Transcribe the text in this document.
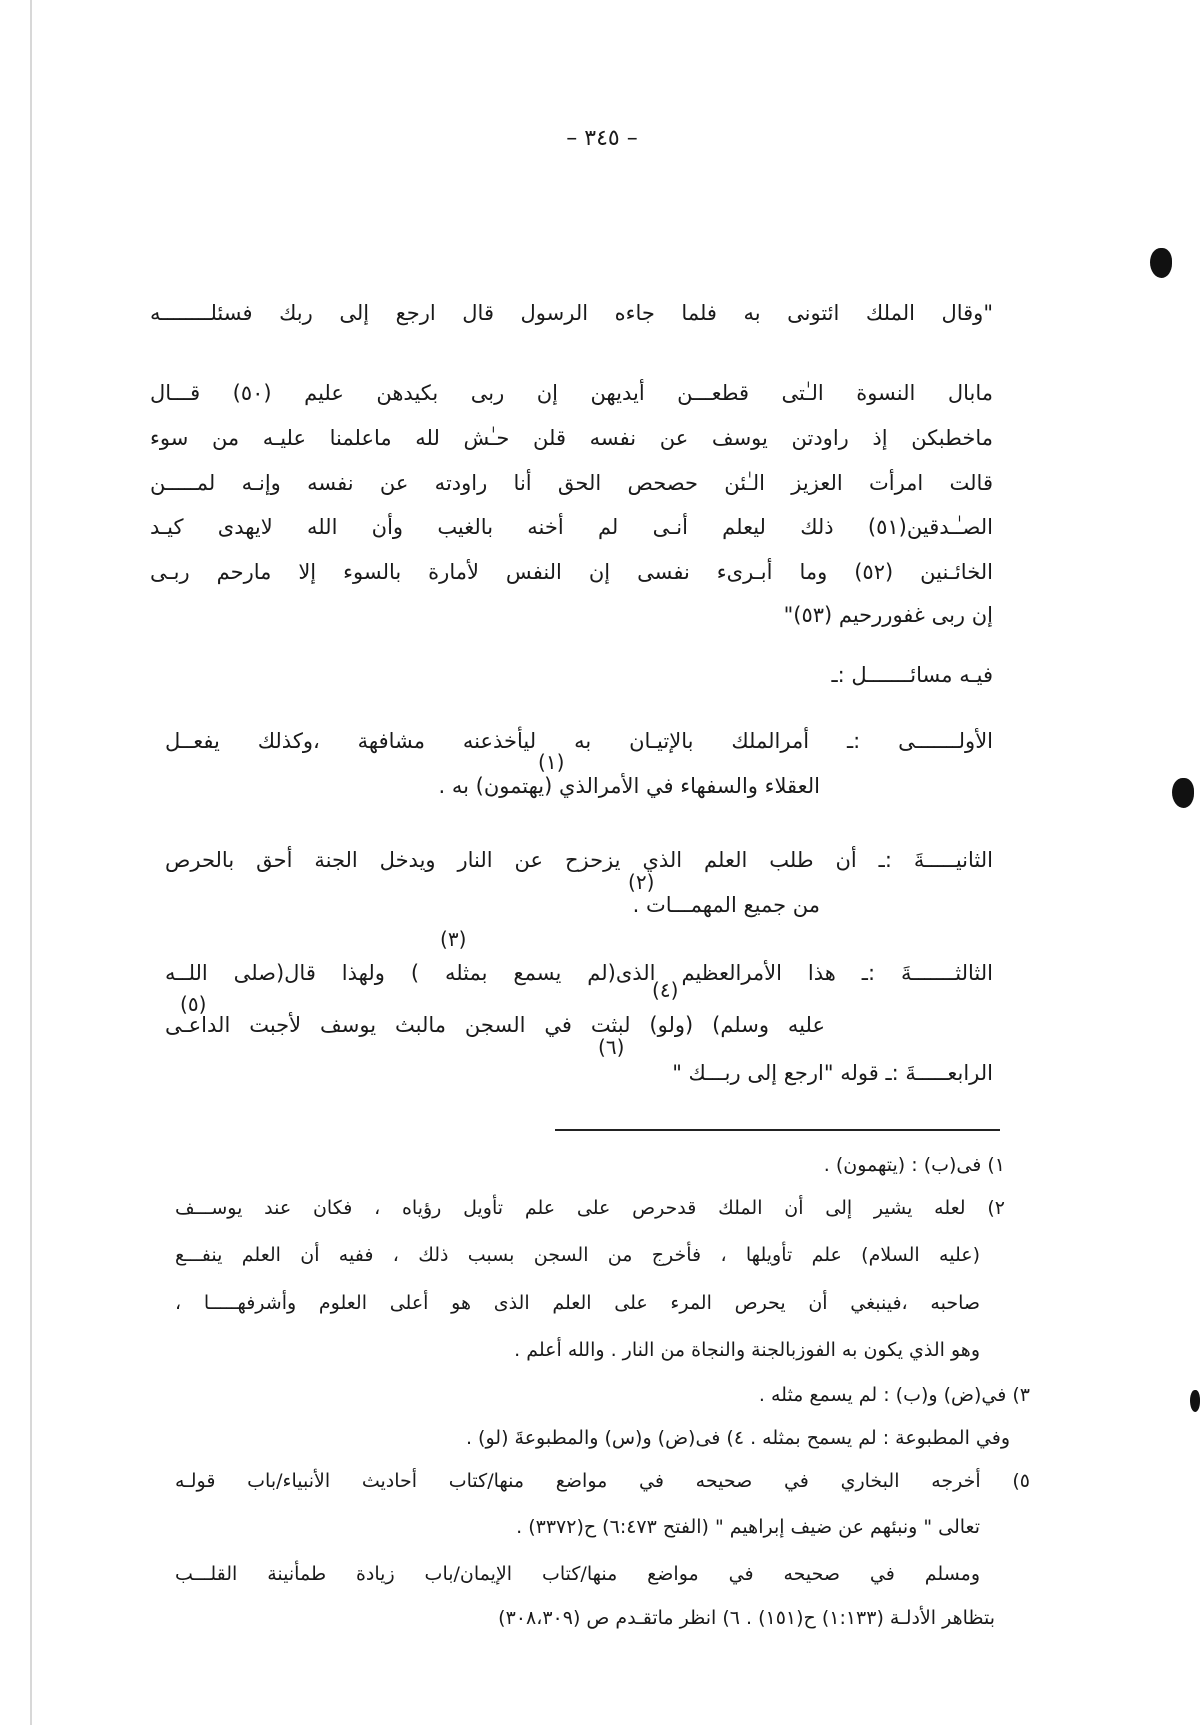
– ٣٤٥ –
"وقال الملك ائتونى به فلما جاءه الرسول قال ارجع إلى ربك فسئلــــــــه
مابال النسوة الـٰتى قطعـــن أيديهن إن ربى بكيدهن عليم (٥٠) قـــال
ماخطبكن إذ راودتن يوسف عن نفسه قلن حـٰش لله ماعلمنا عليـه من سوء
قالت امرأت العزيز الـٰئن حصحص الحق أنا راودته عن نفسه وإنـه لمـــــن
الصـٰـدقين(٥١) ذلك ليعلم أنـى لم أخنه بالغيب وأن الله لايهدى كيـد
الخائـنين (٥٢) وما أبـرىء نفسى إن النفس لأمارة بالسوء إلا مارحم ربـى
إن ربى غفوررحيم (٥٣)"
فيـه مسائـــــــل :ـ
الأولـــــــى :ـ أمرالملك بالإتيـان به ليأخذعنه مشافهة ،وكذلك يفعــل
(١)
العقلاء والسفهاء في الأمرالذي (يهتمون) به .
الثانيـــــةَ :ـ أن طلب العلم الذي يزحزح عن النار ويدخل الجنة أحق بالحرص
(٢)
من جميع المهمـــات .
(٣)
الثالثـــــــةَ :ـ هذا الأمرالعظيم الذى(لم يسمع بمثله ) ولهذا قال(صلى اللــه
(٤)
(٥)
عليه وسلم) (ولو) لبثت في السجن مالبث يوسف لأجبت الداعـى
(٦)
الرابعـــــةَ :ـ قوله "ارجع إلى ربـــك "
١) فى(ب) : (يتهمون) .
٢) لعله يشير إلى أن الملك قدحرص على علم تأويل رؤياه ، فكان عند يوســـف
(عليه السلام) علم تأويلها ، فأخرج من السجن بسبب ذلك ، ففيه أن العلم ينفـــع
صاحبه ،فينبغي أن يحرص المرء على العلم الذى هو أعلى العلوم وأشرفهـــــا ،
وهو الذي يكون به الفوزبالجنة والنجاة من النار . والله أعلم .
٣) في(ض) و(ب) : لم يسمع مثله .
وفي المطبوعة : لم يسمح بمثله . ٤) فى(ض) و(س) والمطبوعةَ (لو) .
٥) أخرجه البخاري في صحيحه في مواضع منها/كتاب أحاديث الأنبياء/باب قولـه
تعالى " ونبئهم عن ضيف إبراهيم " (الفتح ٦:٤٧٣) ح(٣٣٧٢) .
ومسلم في صحيحه في مواضع منها/كتاب الإيمان/باب زيادة طمأنينة القلـــب
بتظاهر الأدلـة (١:١٣٣) ح(١٥١) . ٦) انظر ماتقـدم ص (٣٠٨،٣٠٩)
